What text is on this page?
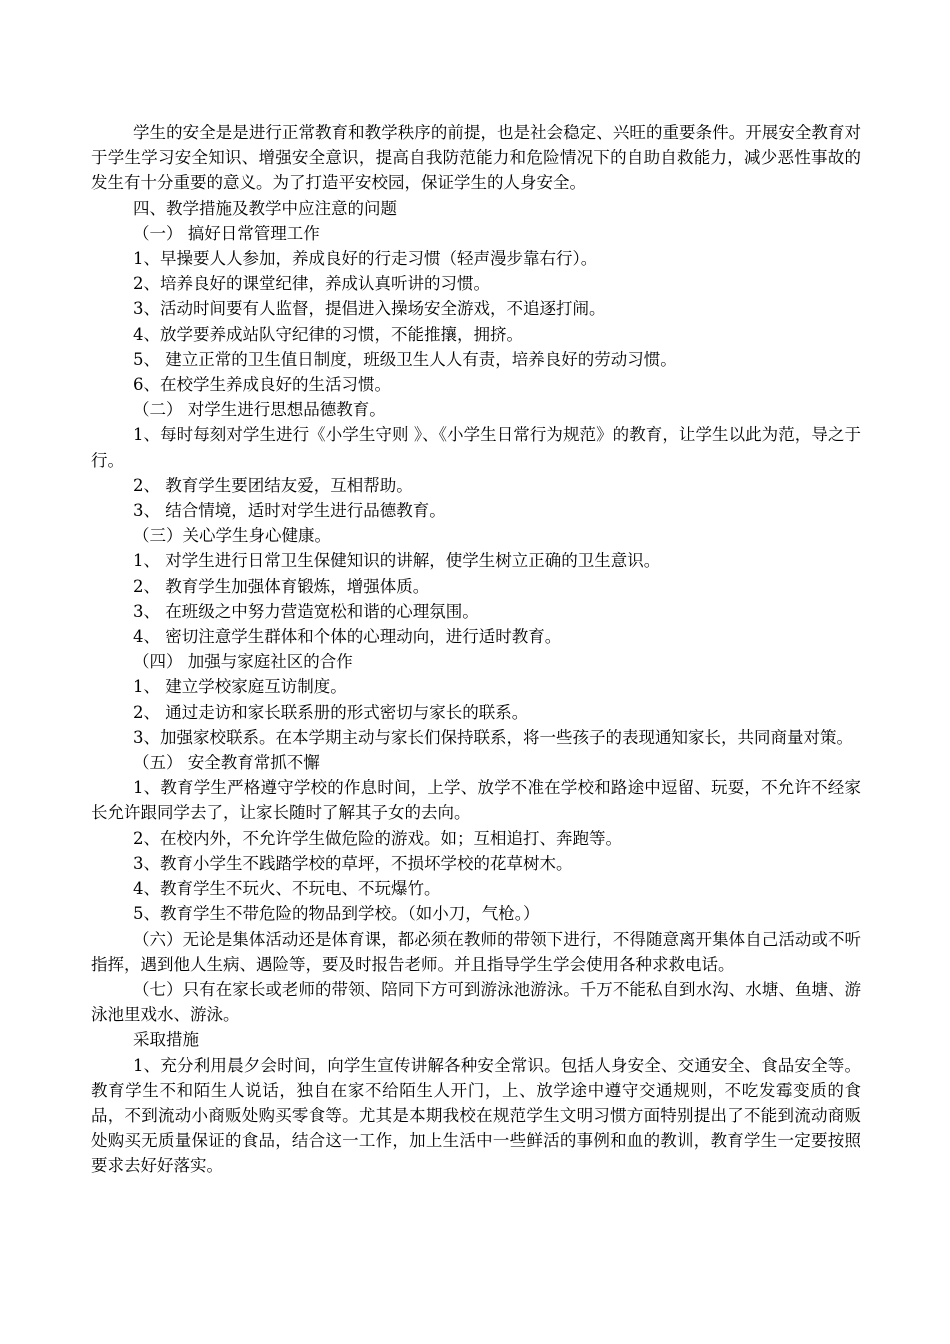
学生的安全是是进行正常教育和教学秩序的前提，也是社会稳定、兴旺的重要条件。开展安全教育对于学生学习安全知识、增强安全意识，提高自我防范能力和危险情况下的自助自救能力，减少恶性事故的发生有十分重要的意义。为了打造平安校园，保证学生的人身安全。

四、教学措施及教学中应注意的问题

（一） 搞好日常管理工作

1、早操要人人参加，养成良好的行走习惯（轻声漫步靠右行）。

2、培养良好的课堂纪律，养成认真听讲的习惯。

3、活动时间要有人监督，提倡进入操场安全游戏，不追逐打闹。

4、放学要养成站队守纪律的习惯，不能推攘，拥挤。

5、 建立正常的卫生值日制度，班级卫生人人有责，培养良好的劳动习惯。

6、在校学生养成良好的生活习惯。

（二） 对学生进行思想品德教育。

1、每时每刻对学生进行《小学生守则 》、《小学生日常行为规范》的教育，让学生以此为范，导之于行。

2、 教育学生要团结友爱，互相帮助。

3、 结合情境，适时对学生进行品德教育。

（三）关心学生身心健康。

1、 对学生进行日常卫生保健知识的讲解，使学生树立正确的卫生意识。

2、 教育学生加强体育锻炼，增强体质。

3、 在班级之中努力营造宽松和谐的心理氛围。

4、 密切注意学生群体和个体的心理动向，进行适时教育。

（四） 加强与家庭社区的合作

1、 建立学校家庭互访制度。

2、 通过走访和家长联系册的形式密切与家长的联系。

3、加强家校联系。在本学期主动与家长们保持联系，将一些孩子的表现通知家长，共同商量对策。

（五） 安全教育常抓不懈

1、教育学生严格遵守学校的作息时间，上学、放学不准在学校和路途中逗留、玩耍，不允许不经家长允许跟同学去了，让家长随时了解其子女的去向。

2、在校内外，不允许学生做危险的游戏。如；互相追打、奔跑等。

3、教育小学生不践踏学校的草坪，不损坏学校的花草树木。

4、教育学生不玩火、不玩电、不玩爆竹。

5、教育学生不带危险的物品到学校。（如小刀，气枪。）

（六）无论是集体活动还是体育课，都必须在教师的带领下进行，不得随意离开集体自己活动或不听指挥，遇到他人生病、遇险等，要及时报告老师。并且指导学生学会使用各种求救电话。

（七）只有在家长或老师的带领、陪同下方可到游泳池游泳。千万不能私自到水沟、水塘、鱼塘、游泳池里戏水、游泳。

采取措施

1、充分利用晨夕会时间，向学生宣传讲解各种安全常识。包括人身安全、交通安全、食品安全等。教育学生不和陌生人说话，独自在家不给陌生人开门，上、放学途中遵守交通规则，不吃发霉变质的食品，不到流动小商贩处购买零食等。尤其是本期我校在规范学生文明习惯方面特别提出了不能到流动商贩处购买无质量保证的食品，结合这一工作，加上生活中一些鲜活的事例和血的教训，教育学生一定要按照要求去好好落实。
